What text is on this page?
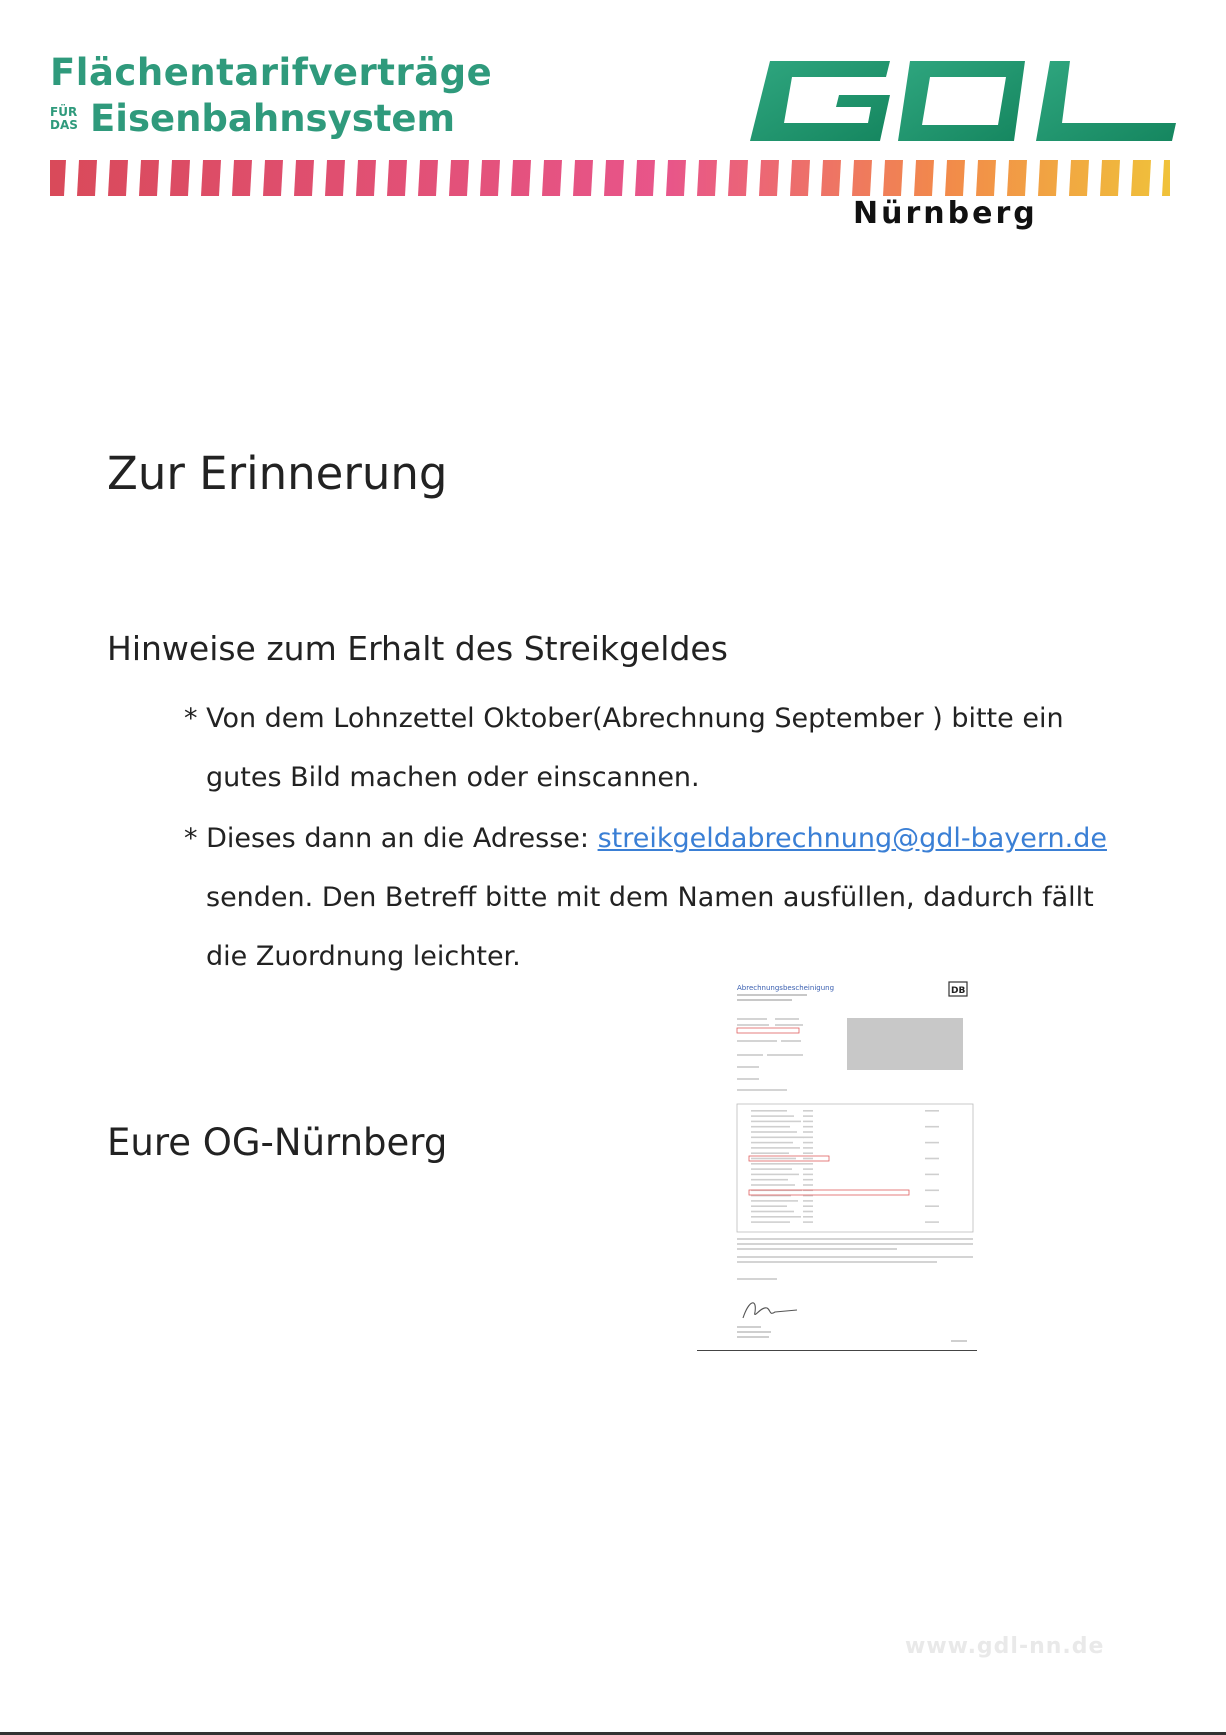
Flächentarifverträge
FÜR
DAS Eisenbahnsystem
Nürnberg
Zur Erinnerung
Hinweise zum Erhalt des Streikgeldes
* Von dem Lohnzettel Oktober(Abrechnung September ) bitte ein
gutes Bild machen oder einscannen.
* Dieses dann an die Adresse: streikgeldabrechnung@gdl-bayern.de
senden. Den Betreff bitte mit dem Namen ausfüllen, dadurch fällt
die Zuordnung leichter.
Eure OG-Nürnberg
Abrechnungsbescheinigung	DB
www.gdl-nn.de
